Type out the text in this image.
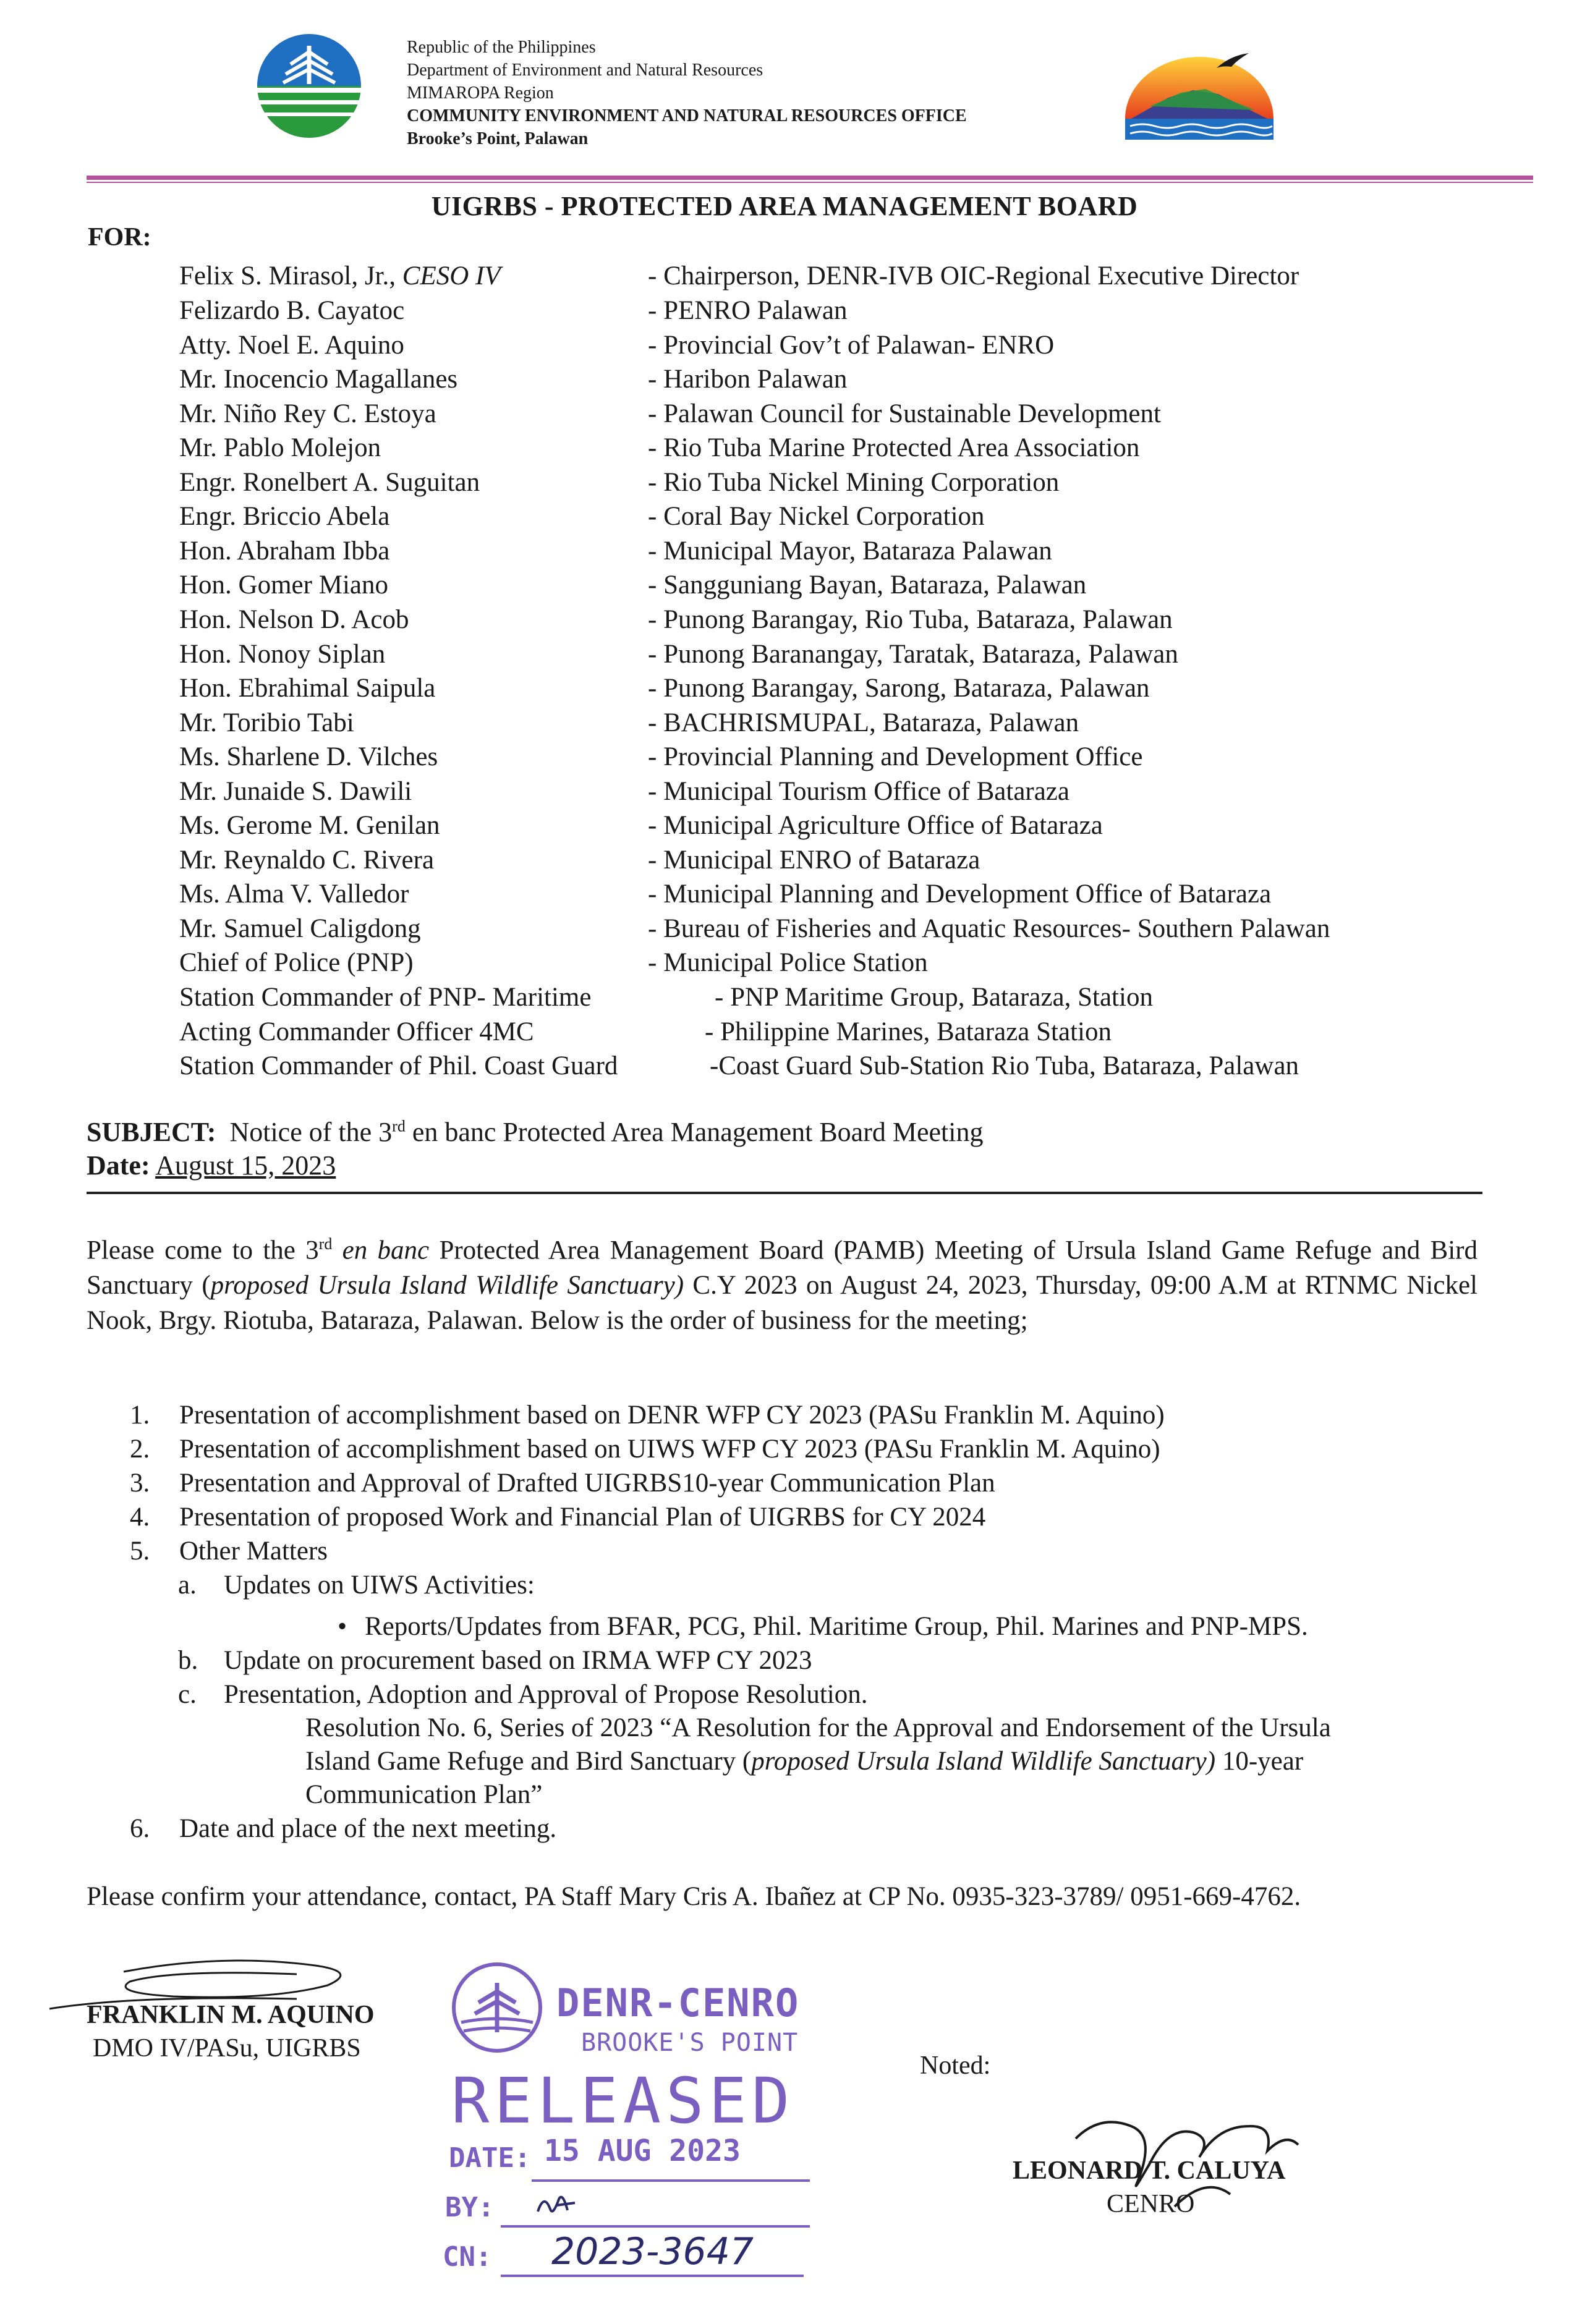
Republic of the Philippines
Department of Environment and Natural Resources
MIMAROPA Region
COMMUNITY ENVIRONMENT AND NATURAL RESOURCES OFFICE
Brooke’s Point, Palawan
UIGRBS - PROTECTED AREA MANAGEMENT BOARD
FOR:
Felix S. Mirasol, Jr., CESO IV	- Chairperson, DENR-IVB OIC-Regional Executive Director
Felizardo B. Cayatoc	- PENRO Palawan
Atty. Noel E. Aquino	- Provincial Gov’t of Palawan- ENRO
Mr. Inocencio Magallanes	- Haribon Palawan
Mr. Niño Rey C. Estoya	- Palawan Council for Sustainable Development
Mr. Pablo Molejon	- Rio Tuba Marine Protected Area Association
Engr. Ronelbert A. Suguitan	- Rio Tuba Nickel Mining Corporation
Engr. Briccio Abela	- Coral Bay Nickel Corporation
Hon. Abraham Ibba	- Municipal Mayor, Bataraza Palawan
Hon. Gomer Miano	- Sangguniang Bayan, Bataraza, Palawan
Hon. Nelson D. Acob	- Punong Barangay, Rio Tuba, Bataraza, Palawan
Hon. Nonoy Siplan	- Punong Baranangay, Taratak, Bataraza, Palawan
Hon. Ebrahimal Saipula	- Punong Barangay, Sarong, Bataraza, Palawan
Mr. Toribio Tabi	- BACHRISMUPAL, Bataraza, Palawan
Ms. Sharlene D. Vilches	- Provincial Planning and Development Office
Mr. Junaide S. Dawili	- Municipal Tourism Office of Bataraza
Ms. Gerome M. Genilan	- Municipal Agriculture Office of Bataraza
Mr. Reynaldo C. Rivera	- Municipal ENRO of Bataraza
Ms. Alma V. Valledor	- Municipal Planning and Development Office of Bataraza
Mr. Samuel Caligdong	- Bureau of Fisheries and Aquatic Resources- Southern Palawan
Chief of Police (PNP)	- Municipal Police Station
Station Commander of PNP- Maritime	- PNP Maritime Group, Bataraza, Station
Acting Commander Officer 4MC	- Philippine Marines, Bataraza Station
Station Commander of Phil. Coast Guard	-Coast Guard Sub-Station Rio Tuba, Bataraza, Palawan
SUBJECT: Notice of the 3rd en banc Protected Area Management Board Meeting
Date: August 15, 2023
Please come to the 3rd en banc Protected Area Management Board (PAMB) Meeting of Ursula Island Game Refuge and Bird Sanctuary (proposed Ursula Island Wildlife Sanctuary) C.Y 2023 on August 24, 2023, Thursday, 09:00 A.M at RTNMC Nickel Nook, Brgy. Riotuba, Bataraza, Palawan. Below is the order of business for the meeting;
1. Presentation of accomplishment based on DENR WFP CY 2023 (PASu Franklin M. Aquino)
2. Presentation of accomplishment based on UIWS WFP CY 2023 (PASu Franklin M. Aquino)
3. Presentation and Approval of Drafted UIGRBS10-year Communication Plan
4. Presentation of proposed Work and Financial Plan of UIGRBS for CY 2024
5. Other Matters
a. Updates on UIWS Activities:
• Reports/Updates from BFAR, PCG, Phil. Maritime Group, Phil. Marines and PNP-MPS.
b. Update on procurement based on IRMA WFP CY 2023
c. Presentation, Adoption and Approval of Propose Resolution.
Resolution No. 6, Series of 2023 “A Resolution for the Approval and Endorsement of the Ursula
Island Game Refuge and Bird Sanctuary (proposed Ursula Island Wildlife Sanctuary) 10-year
Communication Plan”
6. Date and place of the next meeting.
Please confirm your attendance, contact, PA Staff Mary Cris A. Ibañez at CP No. 0935-323-3789/ 0951-669-4762.
FRANKLIN M. AQUINO
DMO IV/PASu, UIGRBS
DENR-CENRO
BROOKE'S POINT
RELEASED
DATE: 15 AUG 2023
BY:
CN: 2023-3647
Noted:
LEONARD T. CALUYA
CENRO
